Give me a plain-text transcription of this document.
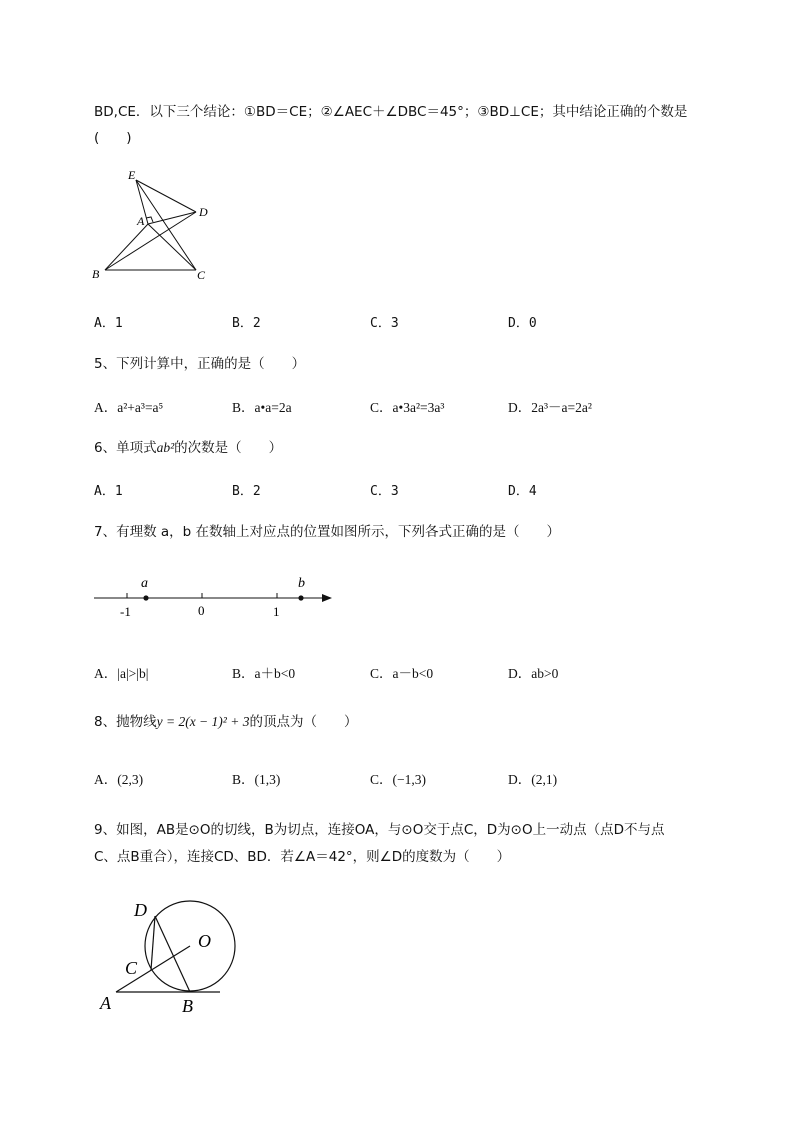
BD,CE．以下三个结论：①BD＝CE；②∠AEC＋∠DBC＝45°；③BD⊥CE；其中结论正确的个数是
(　　)
E
A
D
B	C
A．1	B．2	C．3	D．0
5、下列计算中，正确的是（　　）
A．a²+a³=a⁵	B．a•a=2a	C．a•3a²=3a³	D．2a³－a=2a²
6、单项式ab²的次数是（　　）
A．1	B．2	C．3	D．4
7、有理数 a，b 在数轴上对应点的位置如图所示，下列各式正确的是（　　）
a	b
-1	0	1
A．|a|>|b|	B．a＋b<0	C．a－b<0	D．ab>0
8、抛物线y = 2(x − 1)² + 3的顶点为（　　）
A．(2,3)	B．(1,3)	C．(−1,3)	D．(2,1)
9、如图，AB是⊙O的切线，B为切点，连接OA，与⊙O交于点C，D为⊙O上一动点（点D不与点
C、点B重合），连接CD、BD．若∠A＝42°，则∠D的度数为（　　）
D
O
C
A	B
